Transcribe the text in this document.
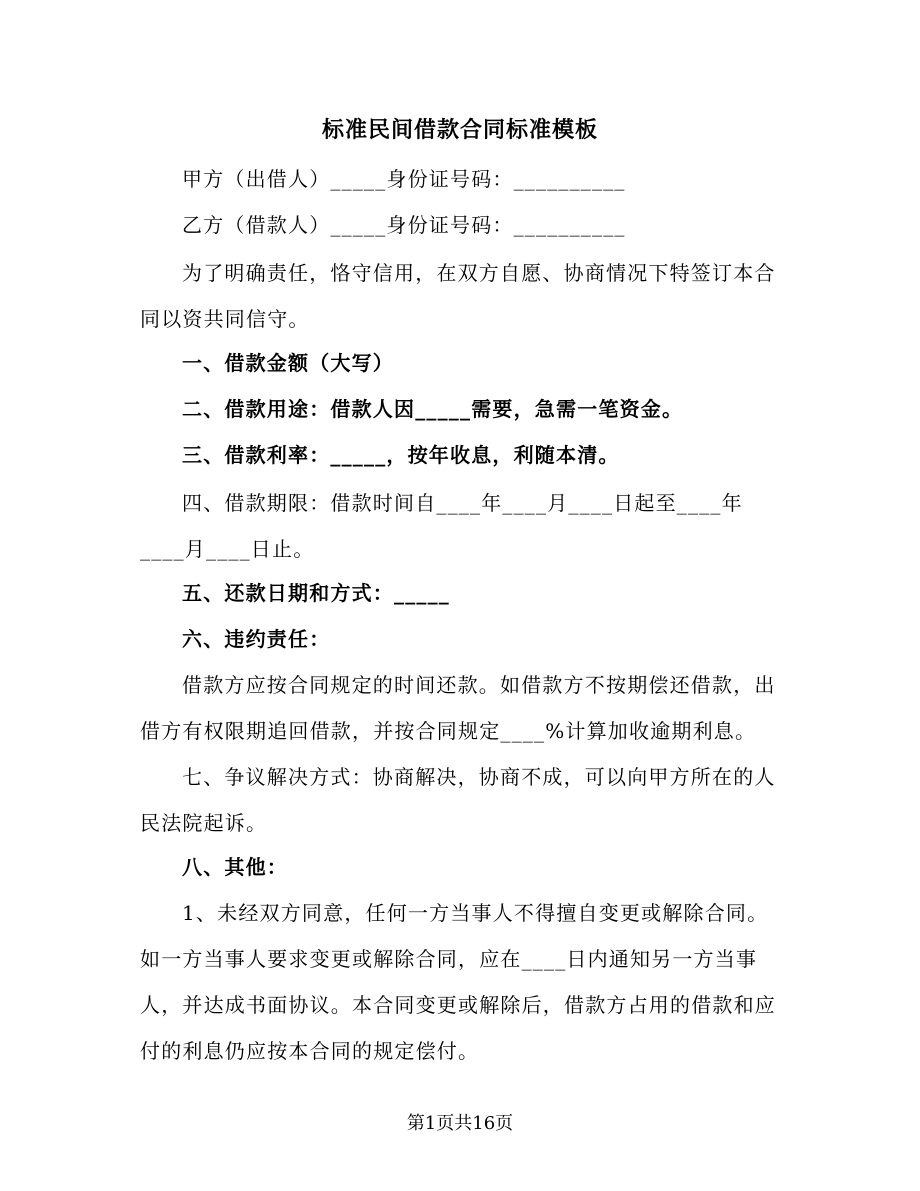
标准民间借款合同标准模板
甲方（出借人）_____身份证号码：__________
乙方（借款人）_____身份证号码：__________
为了明确责任，恪守信用，在双方自愿、协商情况下特签订本合同以资共同信守。
一、借款金额（大写）
二、借款用途：借款人因_____需要，急需一笔资金。
三、借款利率：_____，按年收息，利随本清。
四、借款期限：借款时间自____年____月____日起至____年____月____日止。
五、还款日期和方式：_____
六、违约责任：
借款方应按合同规定的时间还款。如借款方不按期偿还借款，出借方有权限期追回借款，并按合同规定____%计算加收逾期利息。
七、争议解决方式：协商解决，协商不成，可以向甲方所在的人民法院起诉。
八、其他：
1、未经双方同意，任何一方当事人不得擅自变更或解除合同。如一方当事人要求变更或解除合同，应在____日内通知另一方当事人，并达成书面协议。本合同变更或解除后，借款方占用的借款和应付的利息仍应按本合同的规定偿付。
第1页共16页
